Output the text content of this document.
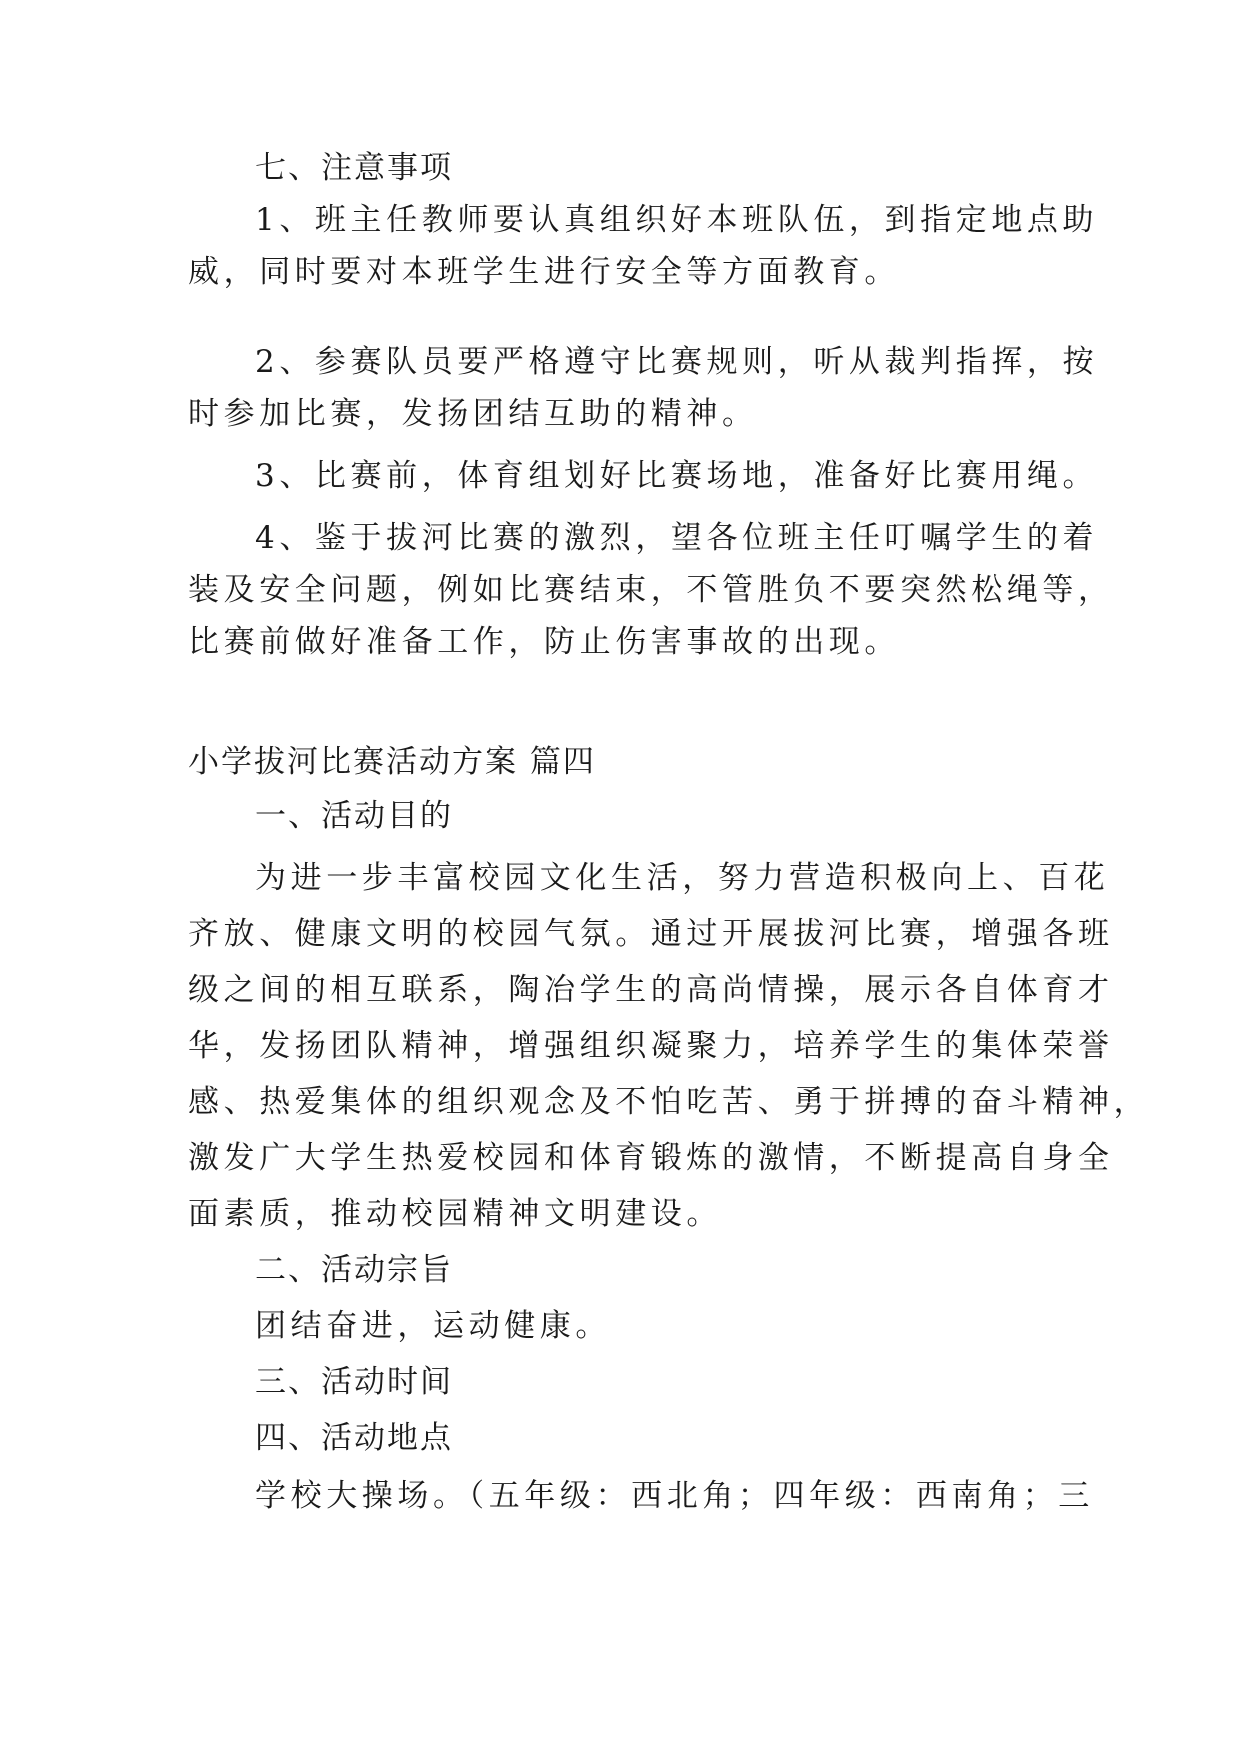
七、注意事项
1、班主任教师要认真组织好本班队伍，到指定地点助
威，同时要对本班学生进行安全等方面教育。
2、参赛队员要严格遵守比赛规则，听从裁判指挥，按
时参加比赛，发扬团结互助的精神。
3、比赛前，体育组划好比赛场地，准备好比赛用绳。
4、鉴于拔河比赛的激烈，望各位班主任叮嘱学生的着
装及安全问题，例如比赛结束，不管胜负不要突然松绳等，
比赛前做好准备工作，防止伤害事故的出现。
小学拔河比赛活动方案 篇四
一、活动目的
为进一步丰富校园文化生活，努力营造积极向上、百花
齐放、健康文明的校园气氛。通过开展拔河比赛，增强各班
级之间的相互联系，陶冶学生的高尚情操，展示各自体育才
华，发扬团队精神，增强组织凝聚力，培养学生的集体荣誉
感、热爱集体的组织观念及不怕吃苦、勇于拼搏的奋斗精神，
激发广大学生热爱校园和体育锻炼的激情，不断提高自身全
面素质，推动校园精神文明建设。
二、活动宗旨
团结奋进，运动健康。
三、活动时间
四、活动地点
学校大操场。（五年级：西北角；四年级：西南角；三
